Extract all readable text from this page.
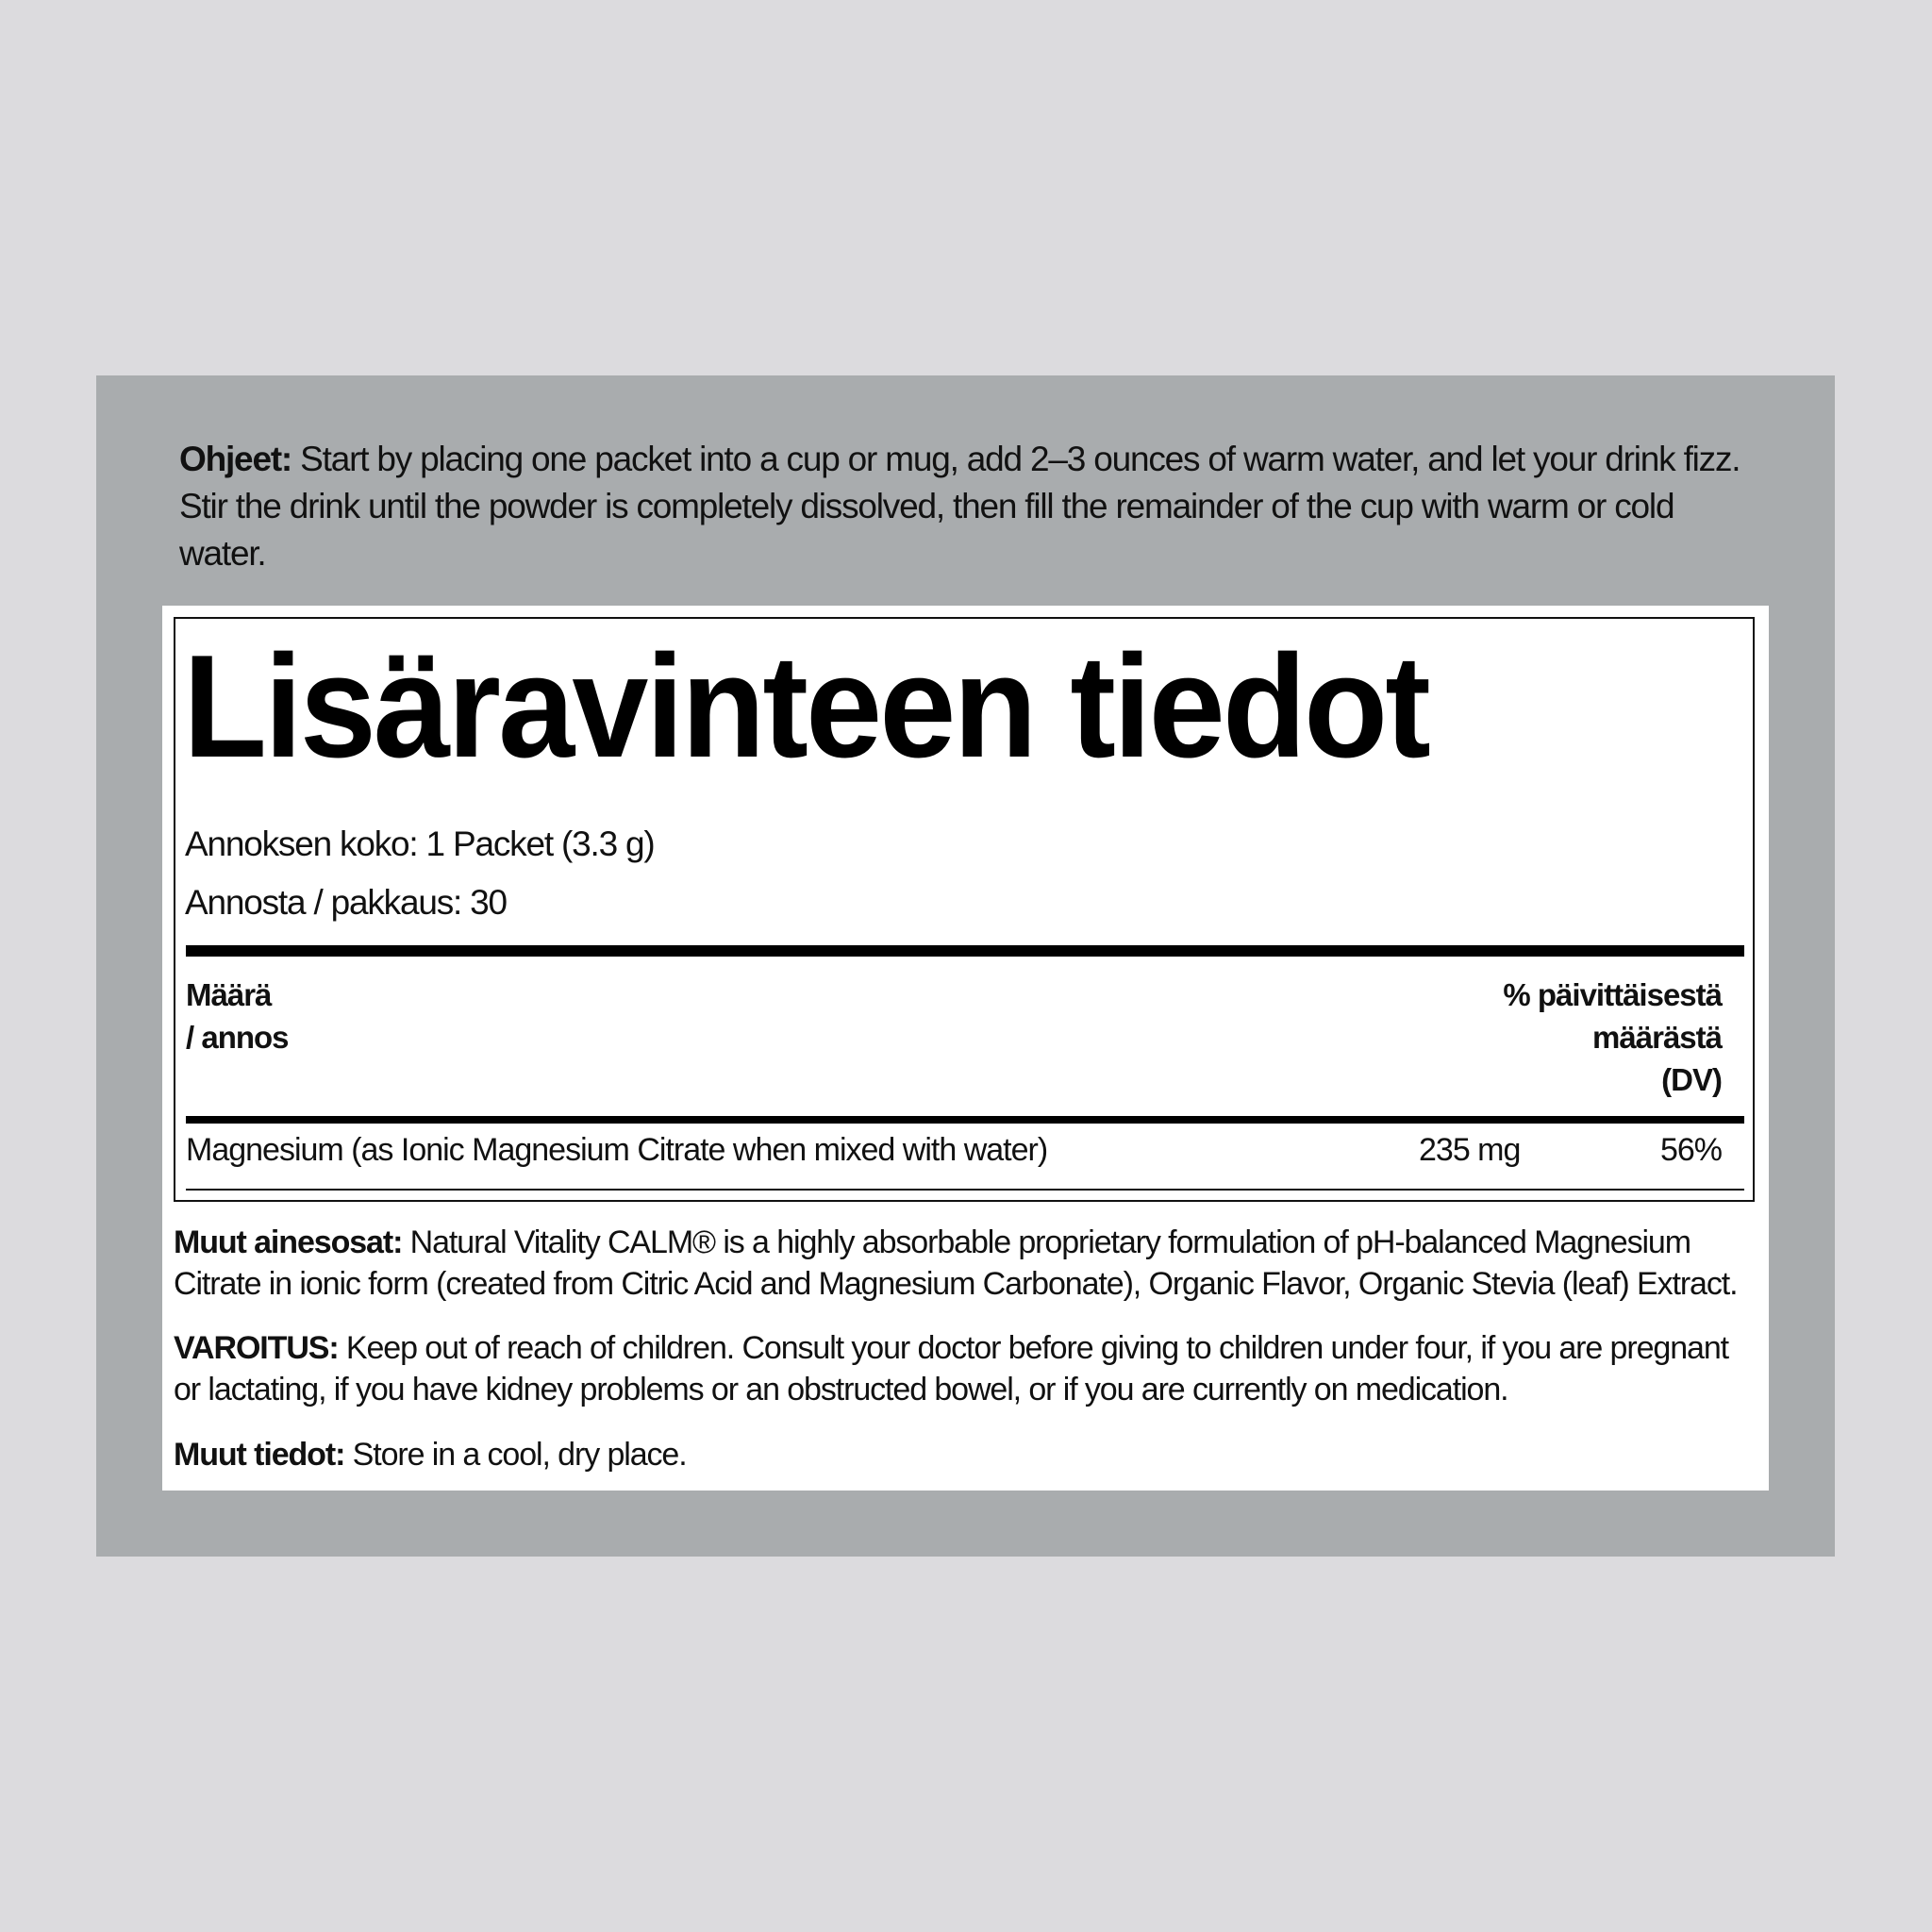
Ohjeet: Start by placing one packet into a cup or mug, add 2–3 ounces of warm water, and let your drink fizz. Stir the drink until the powder is completely dissolved, then fill the remainder of the cup with warm or cold water.
Lisäravinteen tiedot
Annoksen koko: 1 Packet (3.3 g)
Annosta / pakkaus: 30
Määrä
/ annos
% päivittäisestä
määrästä
(DV)
Magnesium (as Ionic Magnesium Citrate when mixed with water)	235 mg	56%
Muut ainesosat: Natural Vitality CALM® is a highly absorbable proprietary formulation of pH-balanced Magnesium Citrate in ionic form (created from Citric Acid and Magnesium Carbonate), Organic Flavor, Organic Stevia (leaf) Extract.
VAROITUS: Keep out of reach of children. Consult your doctor before giving to children under four, if you are pregnant or lactating, if you have kidney problems or an obstructed bowel, or if you are currently on medication.
Muut tiedot: Store in a cool, dry place.
